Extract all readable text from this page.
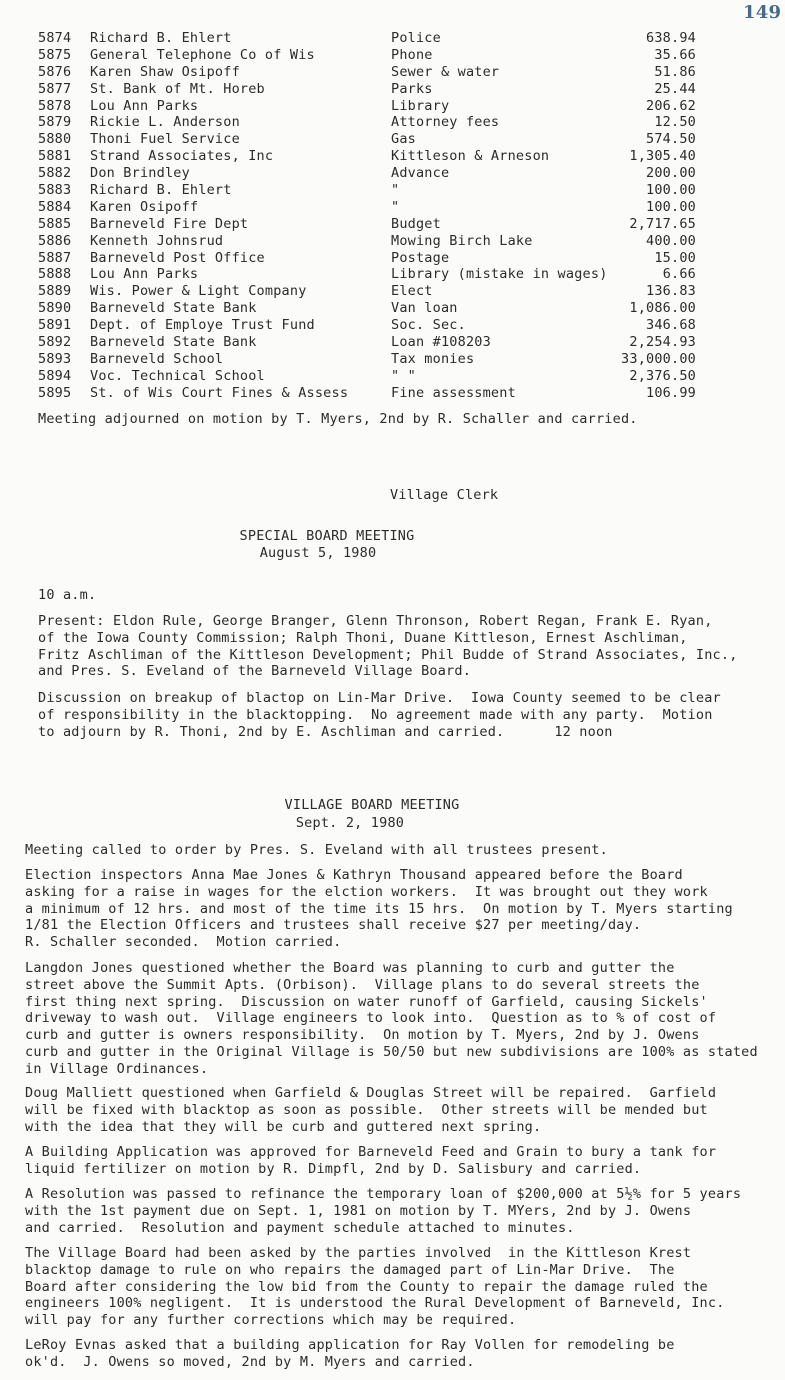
149
5874 Richard B. Ehlert	Police	638.94
5875 General Telephone Co of Wis	Phone	35.66
5876 Karen Shaw Osipoff	Sewer & water	51.86
5877 St. Bank of Mt. Horeb	Parks	25.44
5878 Lou Ann Parks	Library	206.62
5879 Rickie L. Anderson	Attorney fees	12.50
5880 Thoni Fuel Service	Gas	574.50
5881 Strand Associates, Inc	Kittleson & Arneson	1,305.40
5882 Don Brindley	Advance	200.00
5883 Richard B. Ehlert	"	100.00
5884 Karen Osipoff	"	100.00
5885 Barneveld Fire Dept	Budget	2,717.65
5886 Kenneth Johnsrud	Mowing Birch Lake	400.00
5887 Barneveld Post Office	Postage	15.00
5888 Lou Ann Parks	Library (mistake in wages)	6.66
5889 Wis. Power & Light Company	Elect	136.83
5890 Barneveld State Bank	Van loan	1,086.00
5891 Dept. of Employe Trust Fund	Soc. Sec.	346.68
5892 Barneveld State Bank	Loan #108203	2,254.93
5893 Barneveld School	Tax monies	33,000.00
5894 Voc. Technical School	" "	2,376.50
5895 St. of Wis Court Fines & Assess	Fine assessment	106.99
Meeting adjourned on motion by T. Myers, 2nd by R. Schaller and carried.
Village Clerk
SPECIAL BOARD MEETING
August 5, 1980
10 a.m.
Present: Eldon Rule, George Branger, Glenn Thronson, Robert Regan, Frank E. Ryan,
of the Iowa County Commission; Ralph Thoni, Duane Kittleson, Ernest Aschliman,
Fritz Aschliman of the Kittleson Development; Phil Budde of Strand Associates, Inc.,
and Pres. S. Eveland of the Barneveld Village Board.
Discussion on breakup of blactop on Lin-Mar Drive.  Iowa County seemed to be clear
of responsibility in the blacktopping.  No agreement made with any party.  Motion
to adjourn by R. Thoni, 2nd by E. Aschliman and carried.      12 noon
VILLAGE BOARD MEETING
Sept. 2, 1980
Meeting called to order by Pres. S. Eveland with all trustees present.
Election inspectors Anna Mae Jones & Kathryn Thousand appeared before the Board
asking for a raise in wages for the elction workers.  It was brought out they work
a minimum of 12 hrs. and most of the time its 15 hrs.  On motion by T. Myers starting
1/81 the Election Officers and trustees shall receive $27 per meeting/day.
R. Schaller seconded.  Motion carried.
Langdon Jones questioned whether the Board was planning to curb and gutter the
street above the Summit Apts. (Orbison).  Village plans to do several streets the
first thing next spring.  Discussion on water runoff of Garfield, causing Sickels'
driveway to wash out.  Village engineers to look into.  Question as to % of cost of
curb and gutter is owners responsibility.  On motion by T. Myers, 2nd by J. Owens
curb and gutter in the Original Village is 50/50 but new subdivisions are 100% as stated
in Village Ordinances.
Doug Malliett questioned when Garfield & Douglas Street will be repaired.  Garfield
will be fixed with blacktop as soon as possible.  Other streets will be mended but
with the idea that they will be curb and guttered next spring.
A Building Application was approved for Barneveld Feed and Grain to bury a tank for
liquid fertilizer on motion by R. Dimpfl, 2nd by D. Salisbury and carried.
A Resolution was passed to refinance the temporary loan of $200,000 at 5½% for 5 years
with the 1st payment due on Sept. 1, 1981 on motion by T. MYers, 2nd by J. Owens
and carried.  Resolution and payment schedule attached to minutes.
The Village Board had been asked by the parties involved  in the Kittleson Krest
blacktop damage to rule on who repairs the damaged part of Lin-Mar Drive.  The
Board after considering the low bid from the County to repair the damage ruled the
engineers 100% negligent.  It is understood the Rural Development of Barneveld, Inc.
will pay for any further corrections which may be required.
LeRoy Evnas asked that a building application for Ray Vollen for remodeling be
ok'd.  J. Owens so moved, 2nd by M. Myers and carried.
